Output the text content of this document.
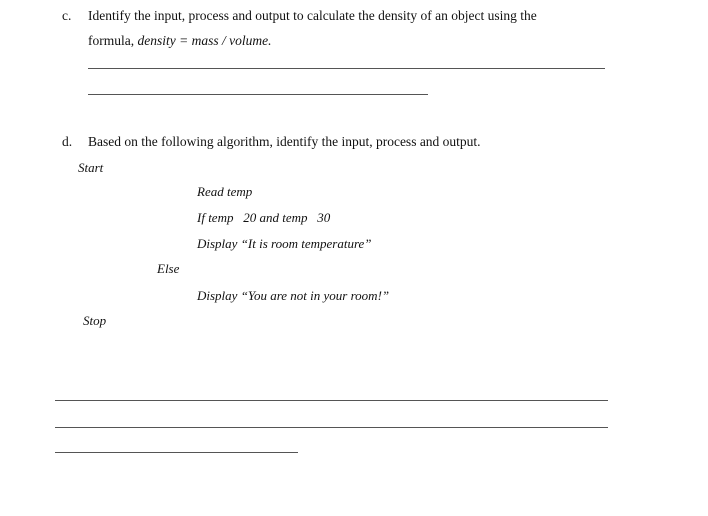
c. Identify the input, process and output to calculate the density of an object using the
formula, density = mass / volume.
d. Based on the following algorithm, identify the input, process and output.
Start
Read temp
If temp   20 and temp   30
Display “It is room temperature”
Else
Display “You are not in your room!”
Stop
